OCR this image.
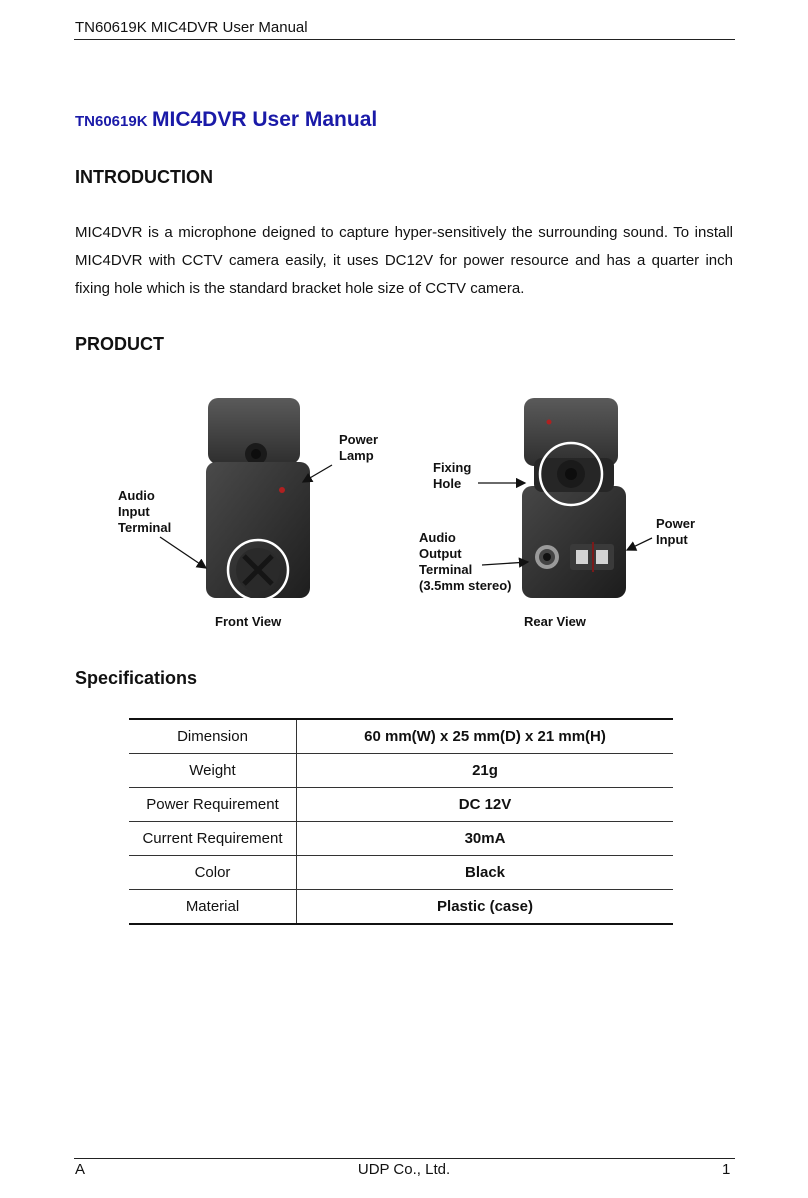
TN60619K MIC4DVR User Manual
TN60619K MIC4DVR User Manual
INTRODUCTION
MIC4DVR is a microphone deigned to capture hyper-sensitively the surrounding sound. To install MIC4DVR with CCTV camera easily, it uses DC12V for power resource and has a quarter inch fixing hole which is the standard bracket hole size of CCTV camera.
PRODUCT
Power
Lamp
Audio
Input
Terminal
Fixing
Hole
Audio
Output
Terminal
(3.5mm stereo)
Power
Input
Front View	Rear View
Specifications
Dimension	60 mm(W) x 25 mm(D) x 21 mm(H)
Weight	21g
Power Requirement	DC 12V
Current Requirement	30mA
Color	Black
Material	Plastic (case)
A	UDP Co., Ltd.	1
